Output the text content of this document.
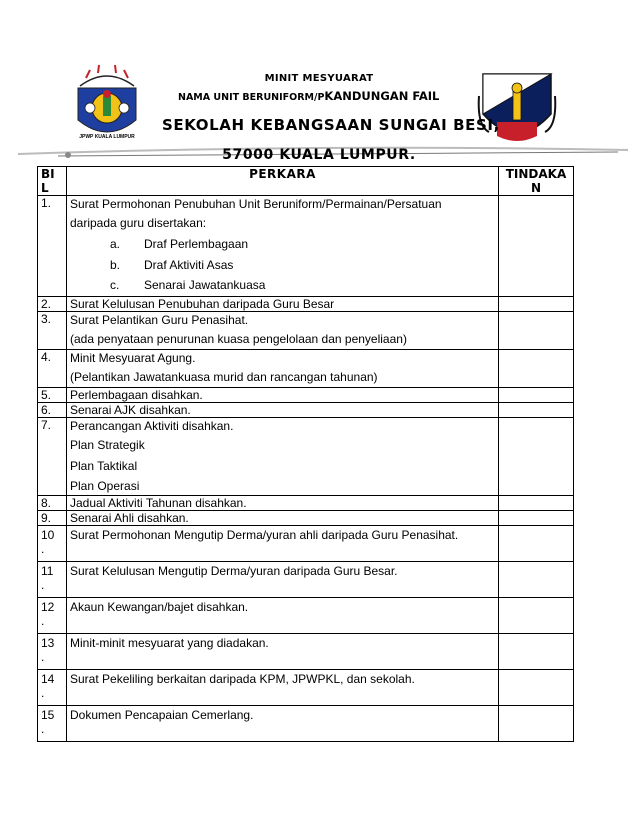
JPWP KUALA LUMPUR
MINIT MESYUARAT
NAMA UNIT BERUNIFORM/PKANDUNGAN FAIL
SEKOLAH KEBANGSAAN SUNGAI BESI,
57000 KUALA LUMPUR.
BI
L	PERKARA	TINDAKA
N
1.	Surat Permohonan Penubuhan Unit Beruniform/Permainan/Persatuan
daripada guru disertakan:
a. Draf Perlembagaan
b. Draf Aktiviti Asas
c. Senarai Jawatankuasa	

2.	Surat Kelulusan Penubuhan daripada Guru Besar	
3.	Surat Pelantikan Guru Penasihat.
(ada penyataan penurunan kuasa pengelolaan dan penyeliaan)	

4.	Minit Mesyuarat Agung.
(Pelantikan Jawatankuasa murid dan rancangan tahunan)	

5.	Perlembagaan disahkan.	
6.	Senarai AJK disahkan.	
7.	Perancangan Aktiviti disahkan.
Plan Strategik
Plan Taktikal
Plan Operasi	

8.	Jadual Aktiviti Tahunan disahkan.	
9.	Senarai Ahli disahkan.	

10
.	Surat Permohonan Mengutip Derma/yuran ahli daripada Guru Penasihat.	

11
.	Surat Kelulusan Mengutip Derma/yuran daripada Guru Besar.	

12
.	Akaun Kewangan/bajet disahkan.	

13
.	Minit-minit mesyuarat yang diadakan.	

14
.	Surat Pekeliling berkaitan daripada KPM, JPWPKL, dan sekolah.	

15
.	Dokumen Pencapaian Cemerlang.	
